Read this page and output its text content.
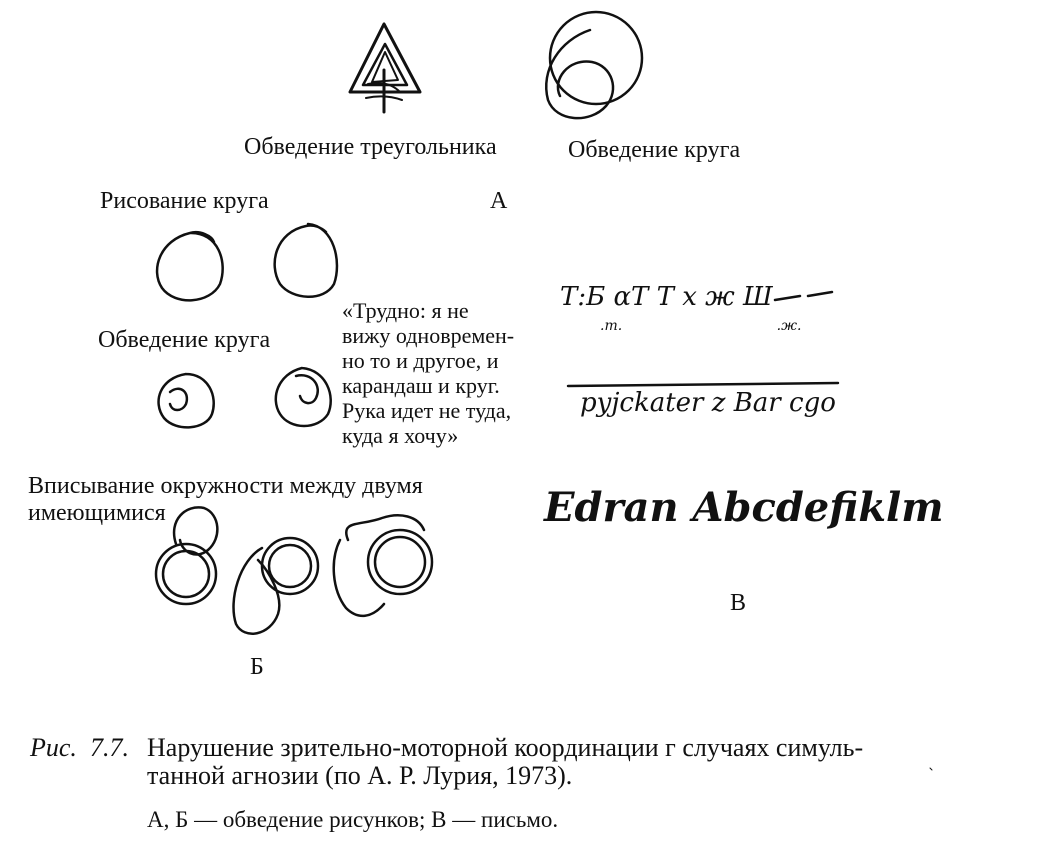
Обведение треугольника	Обведение круга
А
Рисование круга
Обведение круга
Вписывание окружности между двумя
имеющимися
Б
«Трудно: я не
вижу одновремен-
но то и другое, и
карандаш и круг.
Рука идет не туда,
куда я хочу»
Т:Б ɑТ Т x ж Ш
.т. .ж.
pyjckater z Bar cgo
Edran Abcdefiklm
В
Рис. 7.7. Нарушение зрительно-моторной координации г случаях симуль-
танной агнозии (по А. Р. Лурия, 1973).
А, Б — обведение рисунков; В — письмо.
